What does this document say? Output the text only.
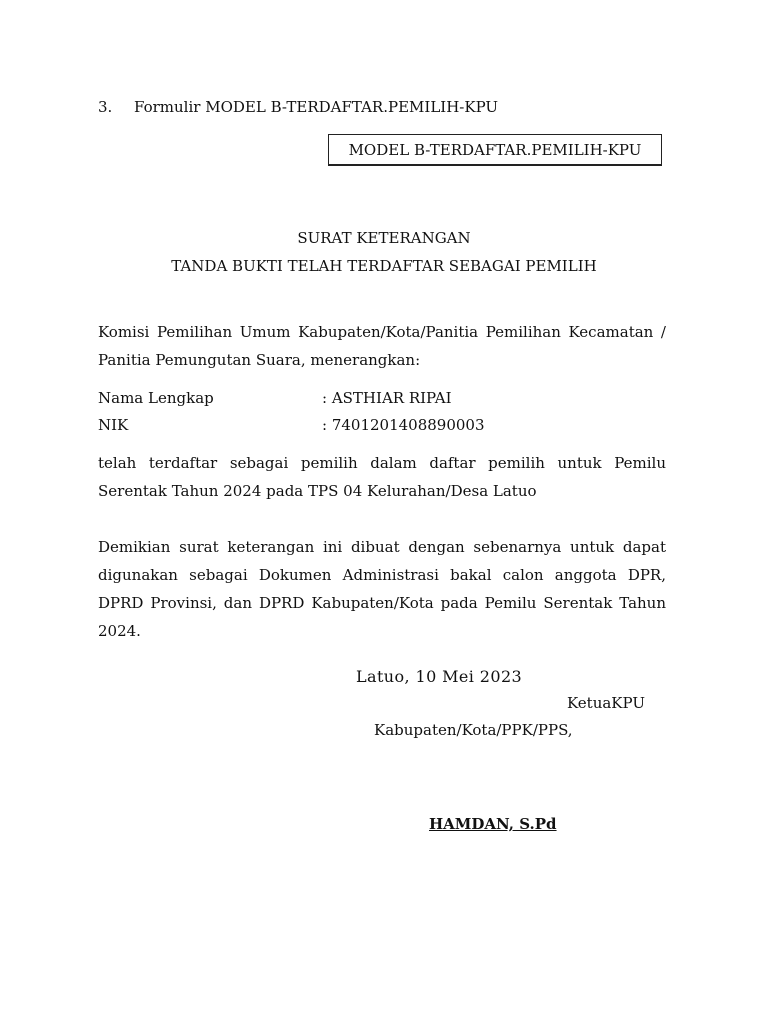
3. Formulir MODEL B-TERDAFTAR.PEMILIH-KPU
MODEL B-TERDAFTAR.PEMILIH-KPU
SURAT KETERANGAN
TANDA BUKTI TELAH TERDAFTAR SEBAGAI PEMILIH
Komisi Pemilihan Umum Kabupaten/Kota/Panitia Pemilihan Kecamatan / Panitia Pemungutan Suara, menerangkan:
Nama Lengkap	: ASTHIAR RIPAI
NIK	: 7401201408890003
telah terdaftar sebagai pemilih dalam daftar pemilih untuk Pemilu Serentak Tahun 2024 pada TPS 04 Kelurahan/Desa Latuo
Demikian surat keterangan ini dibuat dengan sebenarnya untuk dapat digunakan sebagai Dokumen Administrasi bakal calon anggota DPR, DPRD Provinsi, dan DPRD Kabupaten/Kota pada Pemilu Serentak Tahun 2024.
Latuo, 10 Mei 2023
KetuaKPU
Kabupaten/Kota/PPK/PPS,
HAMDAN, S.Pd
